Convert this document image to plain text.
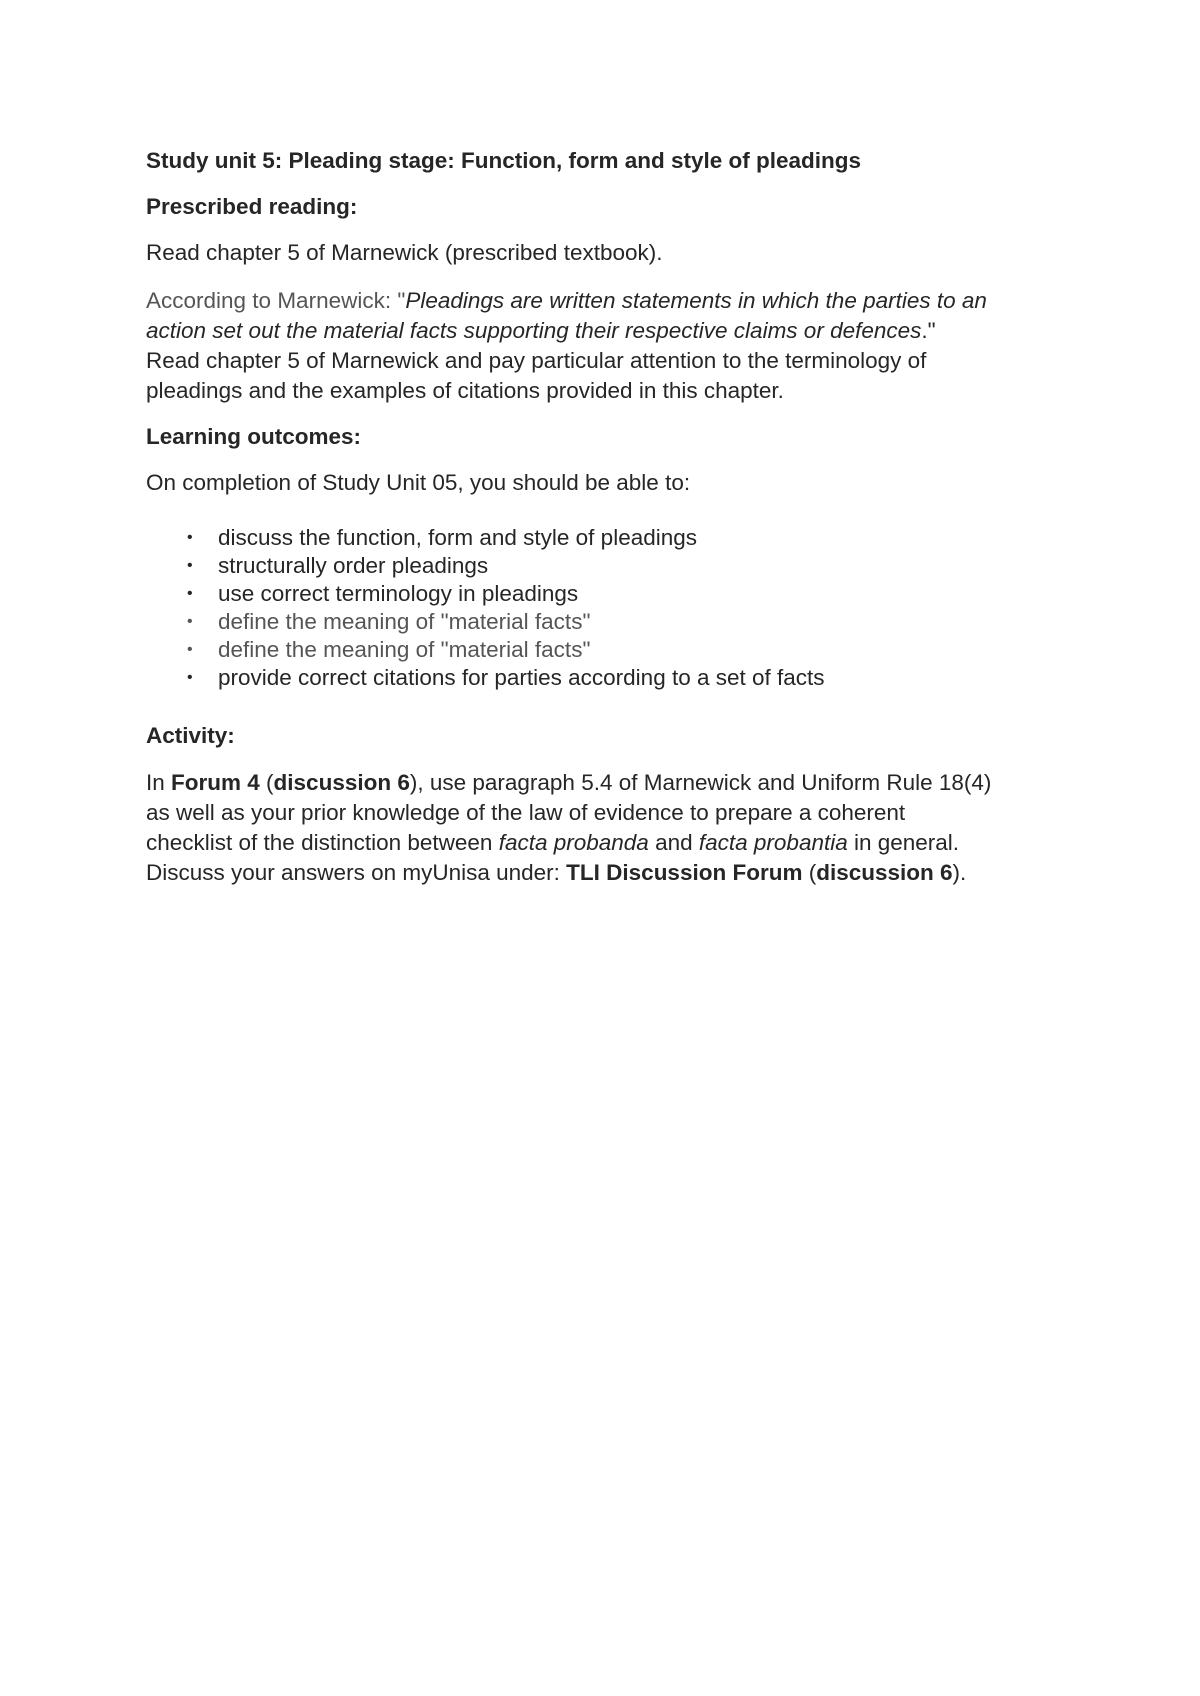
Study unit 5: Pleading stage: Function, form and style of pleadings

Prescribed reading:

Read chapter 5 of Marnewick (prescribed textbook).

According to Marnewick: "Pleadings are written statements in which the parties to an
action set out the material facts supporting their respective claims or defences."
Read chapter 5 of Marnewick and pay particular attention to the terminology of
pleadings and the examples of citations provided in this chapter.

Learning outcomes:

On completion of Study Unit 05, you should be able to:

• discuss the function, form and style of pleadings
• structurally order pleadings
• use correct terminology in pleadings
• define the meaning of "material facts"
• define the meaning of "material facts"
• provide correct citations for parties according to a set of facts

Activity:

In Forum 4 (discussion 6), use paragraph 5.4 of Marnewick and Uniform Rule 18(4)
as well as your prior knowledge of the law of evidence to prepare a coherent
checklist of the distinction between facta probanda and facta probantia in general.
Discuss your answers on myUnisa under: TLI Discussion Forum (discussion 6).
